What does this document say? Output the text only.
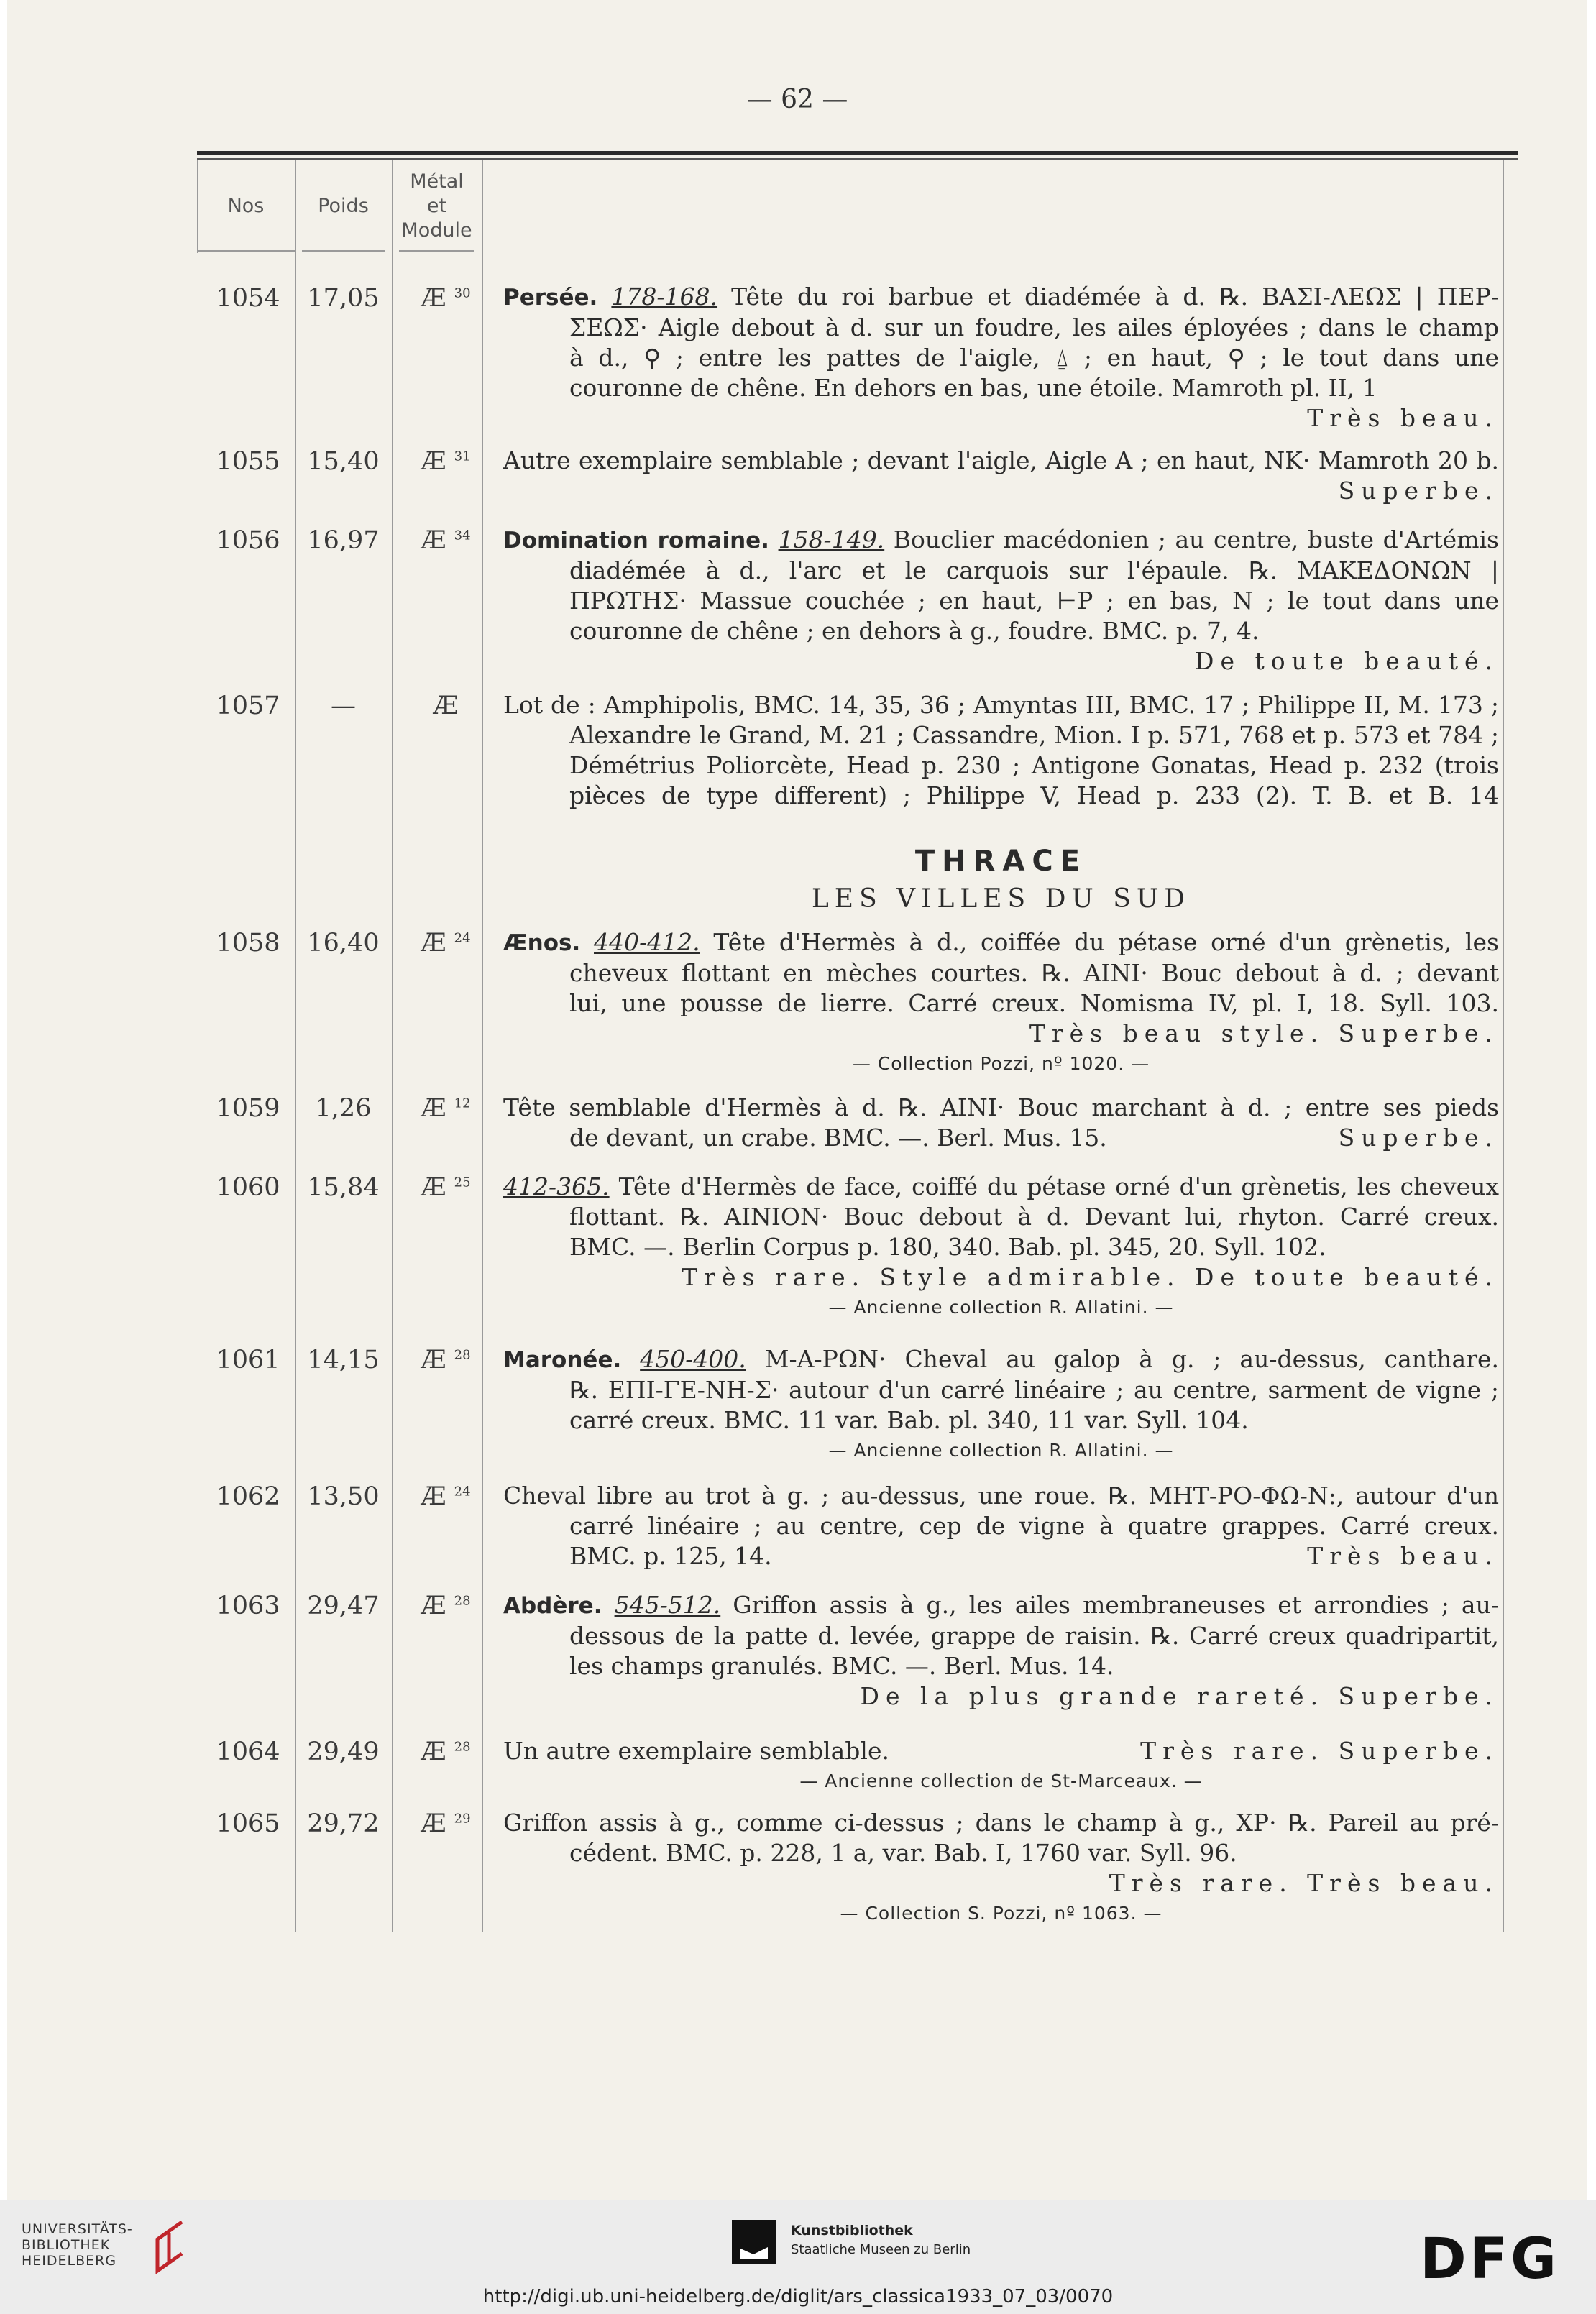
— 62 —
Nos	Poids
Métal
et
Module
1054	17,05	Æ $^{30}$	Persée. 178-168. Tête du roi barbue et diadémée à d. ℞. ΒΑΣΙ-ΛΕΩΣ | ΠΕΡ-
ΣΕΩΣ· Aigle debout à d. sur un foudre, les ailes éployées ; dans le champ
à d., ⚲ ; entre les pattes de l'aigle, ⍙ ; en haut, ⚲ ; le tout dans une
couronne de chêne. En dehors en bas, une étoile. Mamroth pl. II, 1
Très beau.
1055	15,40	Æ $^{31}$	Autre exemplaire semblable ; devant l'aigle, Aigle Α ; en haut, ΝΚ· Mamroth 20 b.
Superbe.
1056	16,97	Æ $^{34}$	Domination romaine. 158-149. Bouclier macédonien ; au centre, buste d'Artémis
diadémée à d., l'arc et le carquois sur l'épaule. ℞. ΜΑΚΕΔΟΝΩΝ |
ΠΡΩΤΗΣ· Massue couchée ; en haut, ⊢Ρ ; en bas, Ν ; le tout dans une
couronne de chêne ; en dehors à g., foudre. BMC. p. 7, 4.
De toute beauté.
1057	—	Æ	Lot de : Amphipolis, BMC. 14, 35, 36 ; Amyntas III, BMC. 17 ; Philippe II, M. 173 ;
Alexandre le Grand, M. 21 ; Cassandre, Mion. I p. 571, 768 et p. 573 et 784 ;
Démétrius Poliorcète, Head p. 230 ; Antigone Gonatas, Head p. 232 (trois
pièces de type different) ; Philippe V, Head p. 233 (2). T. B. et B. 14
THRACE
LES VILLES DU SUD
1058	16,40	Æ $^{24}$	Ænos. 440-412. Tête d'Hermès à d., coiffée du pétase orné d'un grènetis, les
cheveux flottant en mèches courtes. ℞. ΑΙΝΙ· Bouc debout à d. ; devant
lui, une pousse de lierre. Carré creux. Nomisma IV, pl. I, 18. Syll. 103.
Très beau style. Superbe.
— Collection Pozzi, nº 1020. —
1059	1,26	Æ $^{12}$	Tête semblable d'Hermès à d. ℞. ΑΙΝΙ· Bouc marchant à d. ; entre ses pieds
de devant, un crabe. BMC. —. Berl. Mus. 15.	Superbe.
1060	15,84	Æ $^{25}$	412-365. Tête d'Hermès de face, coiffé du pétase orné d'un grènetis, les cheveux
flottant. ℞. ΑΙΝΙΟΝ· Bouc debout à d. Devant lui, rhyton. Carré creux.
BMC. —. Berlin Corpus p. 180, 340. Bab. pl. 345, 20. Syll. 102.
Très rare. Style admirable. De toute beauté.
— Ancienne collection R. Allatini. —
1061	14,15	Æ $^{28}$	Maronée. 450-400. Μ-Α-ΡΩΝ· Cheval au galop à g. ; au-dessus, canthare.
℞. ΕΠΙ-ΓΕ-ΝΗ-Σ· autour d'un carré linéaire ; au centre, sarment de vigne ;
carré creux. BMC. 11 var. Bab. pl. 340, 11 var. Syll. 104.
— Ancienne collection R. Allatini. —
1062	13,50	Æ $^{24}$	Cheval libre au trot à g. ; au-dessus, une roue. ℞. ΜΗΤ-ΡΟ-ΦΩ-Ν:, autour d'un
carré linéaire ; au centre, cep de vigne à quatre grappes. Carré creux.
BMC. p. 125, 14.	Très beau.
1063	29,47	Æ $^{28}$	Abdère. 545-512. Griffon assis à g., les ailes membraneuses et arrondies ; au-
dessous de la patte d. levée, grappe de raisin. ℞. Carré creux quadripartit,
les champs granulés. BMC. —. Berl. Mus. 14.
De la plus grande rareté. Superbe.
1064	29,49	Æ $^{28}$	Un autre exemplaire semblable.	Très rare. Superbe.
— Ancienne collection de St-Marceaux. —
1065	29,72	Æ $^{29}$	Griffon assis à g., comme ci-dessus ; dans le champ à g., ΧΡ· ℞. Pareil au pré-
cédent. BMC. p. 228, 1 a, var. Bab. I, 1760 var. Syll. 96.
Très rare. Très beau.
— Collection S. Pozzi, nº 1063. —
UNIVERSITÄTS-
BIBLIOTHEK
HEIDELBERG
Kunstbibliothek
Staatliche Museen zu Berlin	DFG
http://digi.ub.uni-heidelberg.de/diglit/ars_classica1933_07_03/0070
